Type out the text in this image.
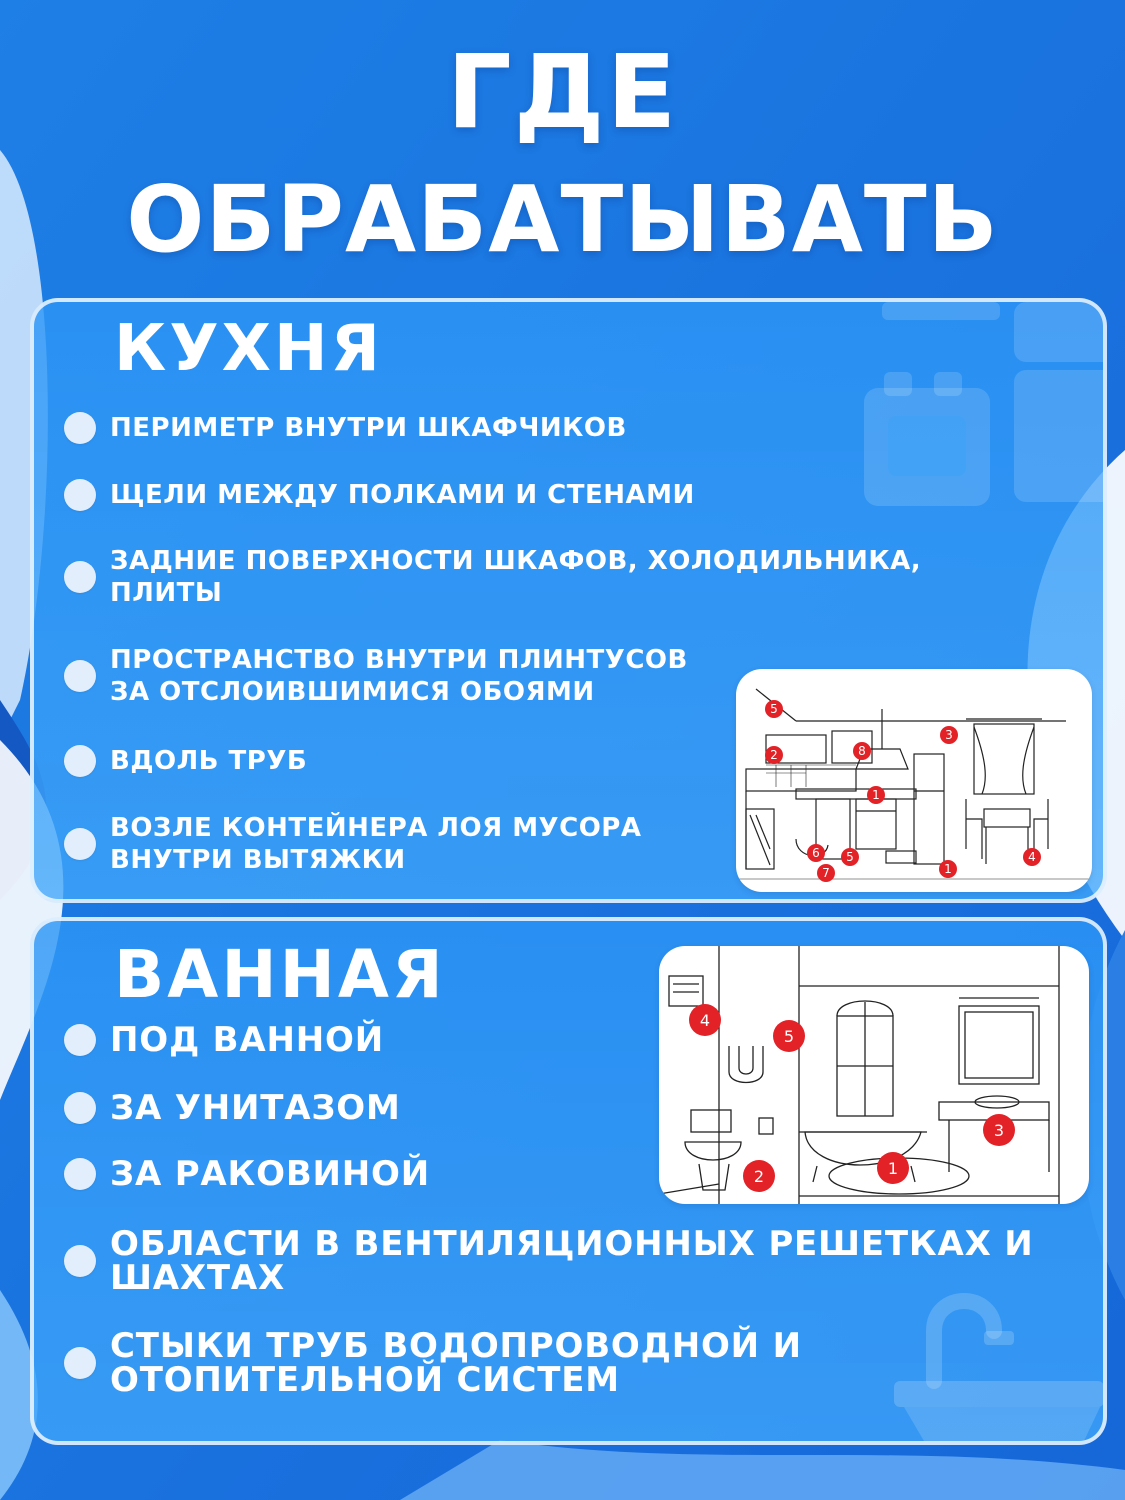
ГДЕ
ОБРАБАТЫВАТЬ
КУХНЯ
ПЕРИМЕТР ВНУТРИ ШКАФЧИКОВ
ЩЕЛИ МЕЖДУ ПОЛКАМИ И СТЕНАМИ
ЗАДНИЕ ПОВЕРХНОСТИ ШКАФОВ, ХОЛОДИЛЬНИКА,
ПЛИТЫ
ПРОСТРАНСТВО ВНУТРИ ПЛИНТУСОВ
ЗА ОТСЛОИВШИМИСЯ ОБОЯМИ
ВДОЛЬ ТРУБ
ВОЗЛЕ КОНТЕЙНЕРА ЛОЯ МУСОРА
ВНУТРИ ВЫТЯЖКИ
5
2	8
3
1
6
7
5
1
4
ВАННАЯ
ПОД ВАННОЙ
ЗА УНИТАЗОМ
ЗА РАКОВИНОЙ
ОБЛАСТИ В ВЕНТИЛЯЦИОННЫХ РЕШЕТКАХ И
ШАХТАХ
СТЫКИ ТРУБ ВОДОПРОВОДНОЙ И
ОТОПИТЕЛЬНОЙ СИСТЕМ
4
5
3
2	1
